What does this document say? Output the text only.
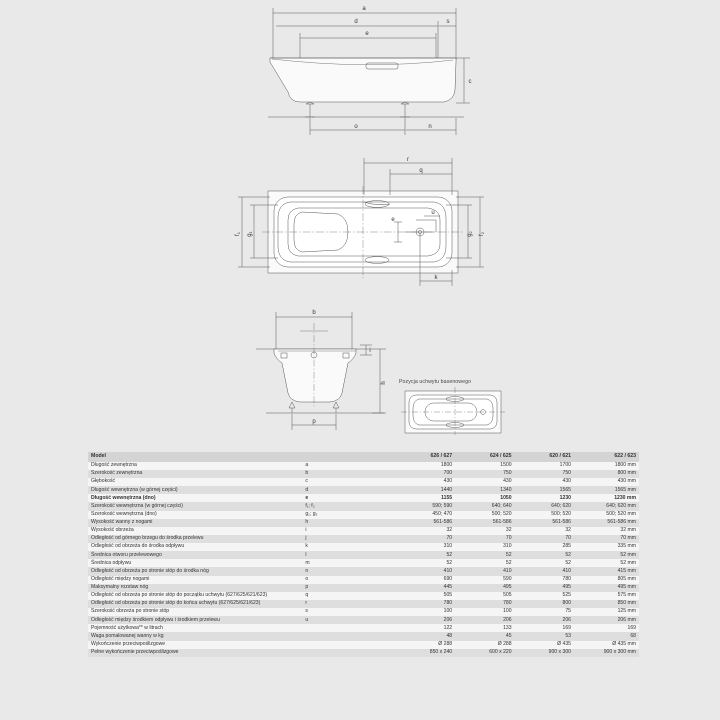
a
d
e
s
c
o	n
r
q
k
u
e
f1
g1
f2
g2
b
i
h
p
Pozycja uchwytu basenowego
Model		626 / 627	624 / 625	620 / 621	622 / 623
Długość zewnętrzna	a	1800	1500	1700	1800 mm
Szerokość zewnętrzna	b	700	750	750	800 mm
Głębokość	c	430	430	430	430 mm
Długość wewnętrzna (w górnej części)	d	1440	1340	1565	1565 mm
Długość wewnętrzna (dno)	e	1155	1050	1230	1230 mm
Szerokość wewnętrzna (w górnej części)	f₁; f₂	590; 590	640; 640	640; 620	640; 620 mm
Szerokość wewnętrzna (dno)	g₁; g₂	450; 470	500; 520	500; 520	500; 520 mm
Wysokość wanny z nogami	h	561-586	561-586	561-586	561-586 mm
Wysokość obrzeża	i	32	32	32	32 mm
Odległość od górnego brzegu do środka przelewu	j	70	70	70	70 mm
Odległość od obrzeża do środka odpływu	k	310	310	285	335 mm
Średnica otworu przelewowego	l	52	52	52	52 mm
Średnica odpływu	m	52	52	52	52 mm
Odległość od obrzeża po stronie stóp do środka nóg	n	410	410	410	415 mm
Odległość między nogami	o	690	590	780	805 mm
Maksymalny rozstaw nóg	p	445	495	495	495 mm
Odległość od obrzeża po stronie stóp do początku uchwytu (627/625/621/623)	q	505	505	525	575 mm
Odległość od obrzeża po stronie stóp do końca uchwytu (627/625/621/623)	r	780	780	800	850 mm
Szerokość obrzeża po stronie stóp	s	100	100	75	125 mm
Odległość między środkiem odpływu i środkiem przelewu	u	206	206	206	206 mm
Pojemność użytkowa** w litrach		122	133	169	169
Waga pomalowanej wanny w kg		48	45	53	68
Wykończenie przeciwpoślizgowe		Ø 288	Ø 288	Ø 435	Ø 435 mm
Pełne wykończenie przeciwpoślizgowe		850 x 240	600 x 220	900 x 300	900 x 300 mm
